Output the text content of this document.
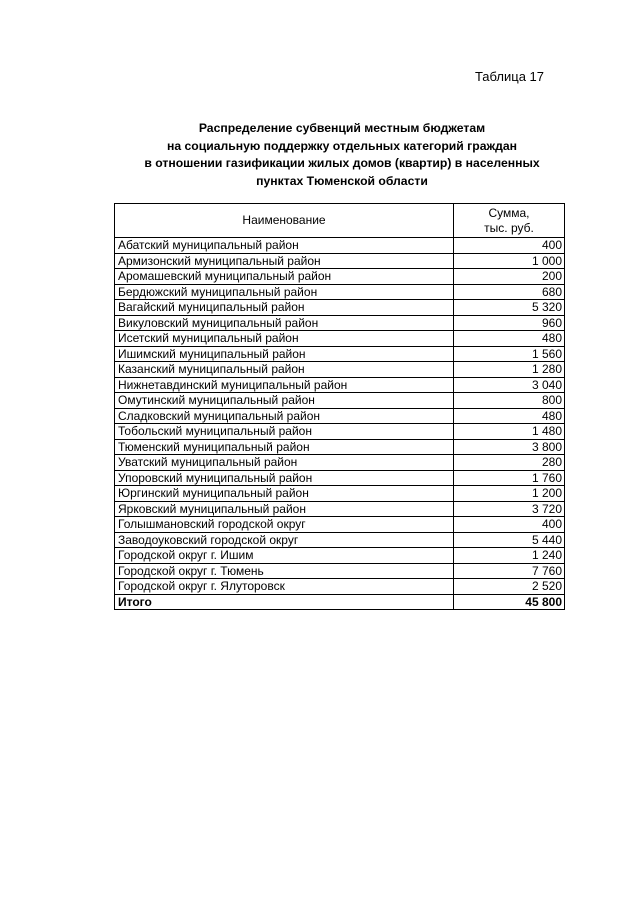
Таблица 17
Распределение субвенций местным бюджетам
на социальную поддержку отдельных категорий граждан
в отношении газификации жилых домов (квартир) в населенных
пунктах Тюменской области
Наименование	Сумма,
тыс. руб.
Абатский муниципальный район	400
Армизонский муниципальный район	1 000
Аромашевский муниципальный район	200
Бердюжский муниципальный район	680
Вагайский муниципальный район	5 320
Викуловский муниципальный район	960
Исетский муниципальный район	480
Ишимский муниципальный район	1 560
Казанский муниципальный район	1 280
Нижнетавдинский муниципальный район	3 040
Омутинский муниципальный район	800
Сладковский муниципальный район	480
Тобольский муниципальный район	1 480
Тюменский муниципальный район	3 800
Уватский муниципальный район	280
Упоровский муниципальный район	1 760
Юргинский муниципальный район	1 200
Ярковский муниципальный район	3 720
Голышмановский городской округ	400
Заводоуковский городской округ	5 440
Городской округ г. Ишим	1 240
Городской округ г. Тюмень	7 760
Городской округ г. Ялуторовск	2 520
Итого	45 800
